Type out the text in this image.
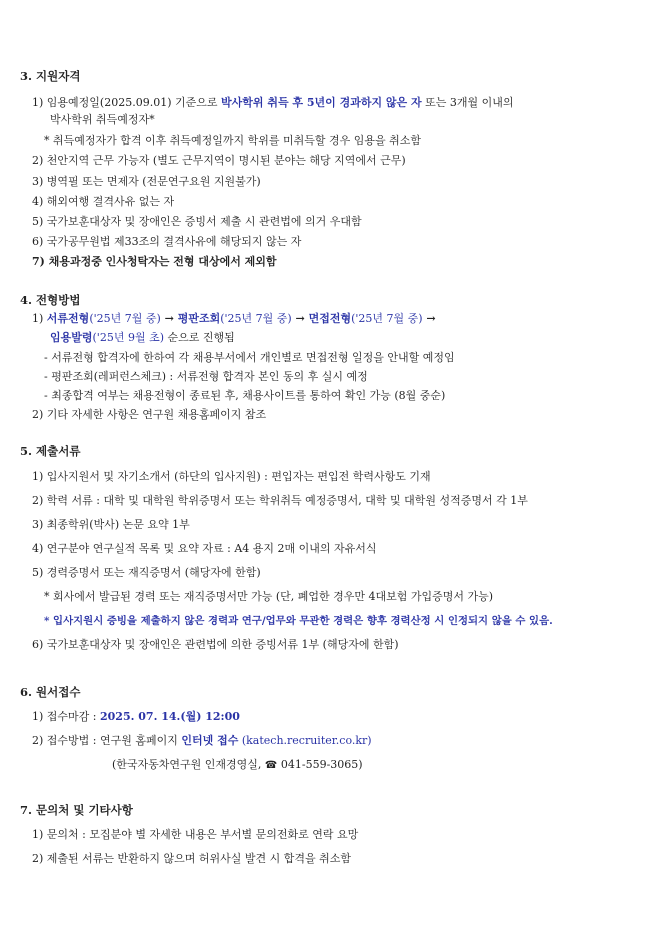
3. 지원자격
1) 임용예정일(2025.09.01) 기준으로 박사학위 취득 후 5년이 경과하지 않은 자 또는 3개월 이내의
박사학위 취득예정자*
* 취득예정자가 합격 이후 취득예정일까지 학위를 미취득할 경우 임용을 취소함
2) 천안지역 근무 가능자 (별도 근무지역이 명시된 분야는 해당 지역에서 근무)
3) 병역필 또는 면제자 (전문연구요원 지원불가)
4) 해외여행 결격사유 없는 자
5) 국가보훈대상자 및 장애인은 증빙서 제출 시 관련법에 의거 우대함
6) 국가공무원법 제33조의 결격사유에 해당되지 않는 자
7) 채용과정중 인사청탁자는 전형 대상에서 제외함
4. 전형방법
1) 서류전형('25년 7월 중) → 평판조회('25년 7월 중) → 면접전형('25년 7월 중) →
임용발령('25년 9월 초) 순으로 진행됨
- 서류전형 합격자에 한하여 각 채용부서에서 개인별로 면접전형 일정을 안내할 예정임
- 평판조회(레퍼런스체크) : 서류전형 합격자 본인 동의 후 실시 예정
- 최종합격 여부는 채용전형이 종료된 후, 채용사이트를 통하여 확인 가능 (8월 중순)
2) 기타 자세한 사항은 연구원 채용홈페이지 참조
5. 제출서류
1) 입사지원서 및 자기소개서 (하단의 입사지원) : 편입자는 편입전 학력사항도 기재
2) 학력 서류 : 대학 및 대학원 학위증명서 또는 학위취득 예정증명서, 대학 및 대학원 성적증명서 각 1부
3) 최종학위(박사) 논문 요약 1부
4) 연구분야 연구실적 목록 및 요약 자료 : A4 용지 2매 이내의 자유서식
5) 경력증명서 또는 재직증명서 (해당자에 한함)
* 회사에서 발급된 경력 또는 재직증명서만 가능 (단, 폐업한 경우만 4대보험 가입증명서 가능)
* 입사지원시 증빙을 제출하지 않은 경력과 연구/업무와 무관한 경력은 향후 경력산정 시 인정되지 않을 수 있음.
6) 국가보훈대상자 및 장애인은 관련법에 의한 증빙서류 1부 (해당자에 한함)
6. 원서접수
1) 접수마감 : 2025. 07. 14.(월) 12:00
2) 접수방법 : 연구원 홈페이지 인터넷 접수 (katech.recruiter.co.kr)
(한국자동차연구원 인재경영실, ☎ 041-559-3065)
7. 문의처 및 기타사항
1) 문의처 : 모집분야 별 자세한 내용은 부서별 문의전화로 연락 요망
2) 제출된 서류는 반환하지 않으며 허위사실 발견 시 합격을 취소함
